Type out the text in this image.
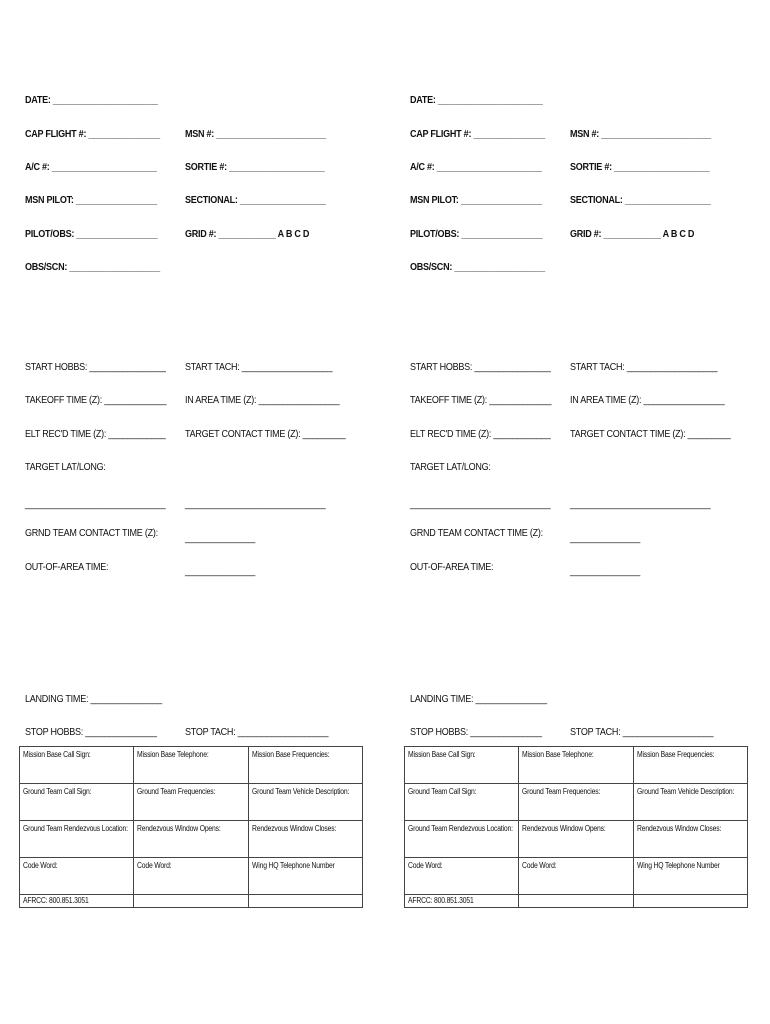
DATE: ______________________
CAP FLIGHT #: _______________ MSN #: _______________________
A/C #: ______________________	SORTIE #: ____________________
MSN PILOT: _________________	SECTIONAL: __________________
PILOT/OBS: _________________	GRID #: ____________ A B C D
OBS/SCN: ___________________
START HOBBS: ________________ START TACH: ___________________
TAKEOFF TIME (Z): _____________ IN AREA TIME (Z): _________________
ELT REC'D TIME (Z): ____________ TARGET CONTACT TIME (Z): _________
TARGET LAT/LONG:
____________________________ ____________________________
GRND TEAM CONTACT TIME (Z):	______________
OUT-OF-AREA TIME:	______________
LANDING TIME: _______________
STOP HOBBS: _______________	STOP TACH: ___________________
Mission Base Call Sign:	Mission Base Telephone:	Mission Base Frequencies:
Ground Team Call Sign:	Ground Team Frequencies:	Ground Team Vehicle Description:
Ground Team Rendezvous Location:	Rendezvous Window Opens:	Rendezvous Window Closes:
Code Word:	Code Word:	Wing HQ Telephone Number
AFRCC: 800.851.3051		
DATE: ______________________
CAP FLIGHT #: _______________ MSN #: _______________________
A/C #: ______________________	SORTIE #: ____________________
MSN PILOT: _________________	SECTIONAL: __________________
PILOT/OBS: _________________	GRID #: ____________ A B C D
OBS/SCN: ___________________
START HOBBS: ________________ START TACH: ___________________
TAKEOFF TIME (Z): _____________ IN AREA TIME (Z): _________________
ELT REC'D TIME (Z): ____________ TARGET CONTACT TIME (Z): _________
TARGET LAT/LONG:
____________________________ ____________________________
GRND TEAM CONTACT TIME (Z):	______________
OUT-OF-AREA TIME:	______________
LANDING TIME: _______________
STOP HOBBS: _______________	STOP TACH: ___________________
Mission Base Call Sign:	Mission Base Telephone:	Mission Base Frequencies:
Ground Team Call Sign:	Ground Team Frequencies:	Ground Team Vehicle Description:
Ground Team Rendezvous Location:	Rendezvous Window Opens:	Rendezvous Window Closes:
Code Word:	Code Word:	Wing HQ Telephone Number
AFRCC: 800.851.3051		
